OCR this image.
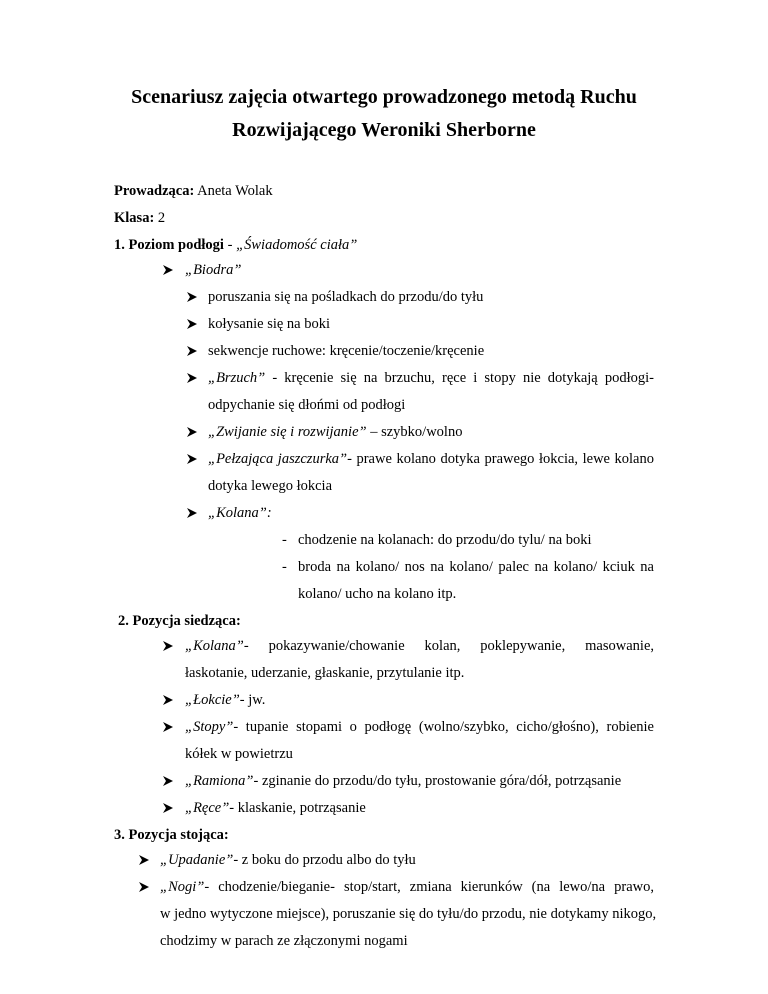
Scenariusz zajęcia otwartego prowadzonego metodą Ruchu
Rozwijającego Weroniki Sherborne
Prowadząca: Aneta Wolak
Klasa: 2
1. Poziom podłogi - „Świadomość ciała”
„Biodra”
poruszania się na pośladkach do przodu/do tyłu
kołysanie się na boki
sekwencje ruchowe: kręcenie/toczenie/kręcenie
„Brzuch” - kręcenie się na brzuchu, ręce i stopy nie dotykają podłogi-
odpychanie się dłońmi od podłogi
„Zwijanie się i rozwijanie” – szybko/wolno
„Pełzająca jaszczurka”- prawe kolano dotyka prawego łokcia, lewe kolano
dotyka lewego łokcia
„Kolana”:
- chodzenie na kolanach: do przodu/do tylu/ na boki
- broda na kolano/ nos na kolano/ palec na kolano/ kciuk na
kolano/ ucho na kolano itp.
2. Pozycja siedząca:
„Kolana”- pokazywanie/chowanie kolan, poklepywanie, masowanie,
łaskotanie, uderzanie, głaskanie, przytulanie itp.
„Łokcie”- jw.
„Stopy”- tupanie stopami o podłogę (wolno/szybko, cicho/głośno), robienie
kółek w powietrzu
„Ramiona”- zginanie do przodu/do tyłu, prostowanie góra/dół, potrząsanie
„Ręce”- klaskanie, potrząsanie
3. Pozycja stojąca:
„Upadanie”- z boku do przodu albo do tyłu
„Nogi”- chodzenie/bieganie- stop/start, zmiana kierunków (na lewo/na prawo,
w jedno wytyczone miejsce), poruszanie się do tyłu/do przodu, nie dotykamy nikogo,
chodzimy w parach ze złączonymi nogami
